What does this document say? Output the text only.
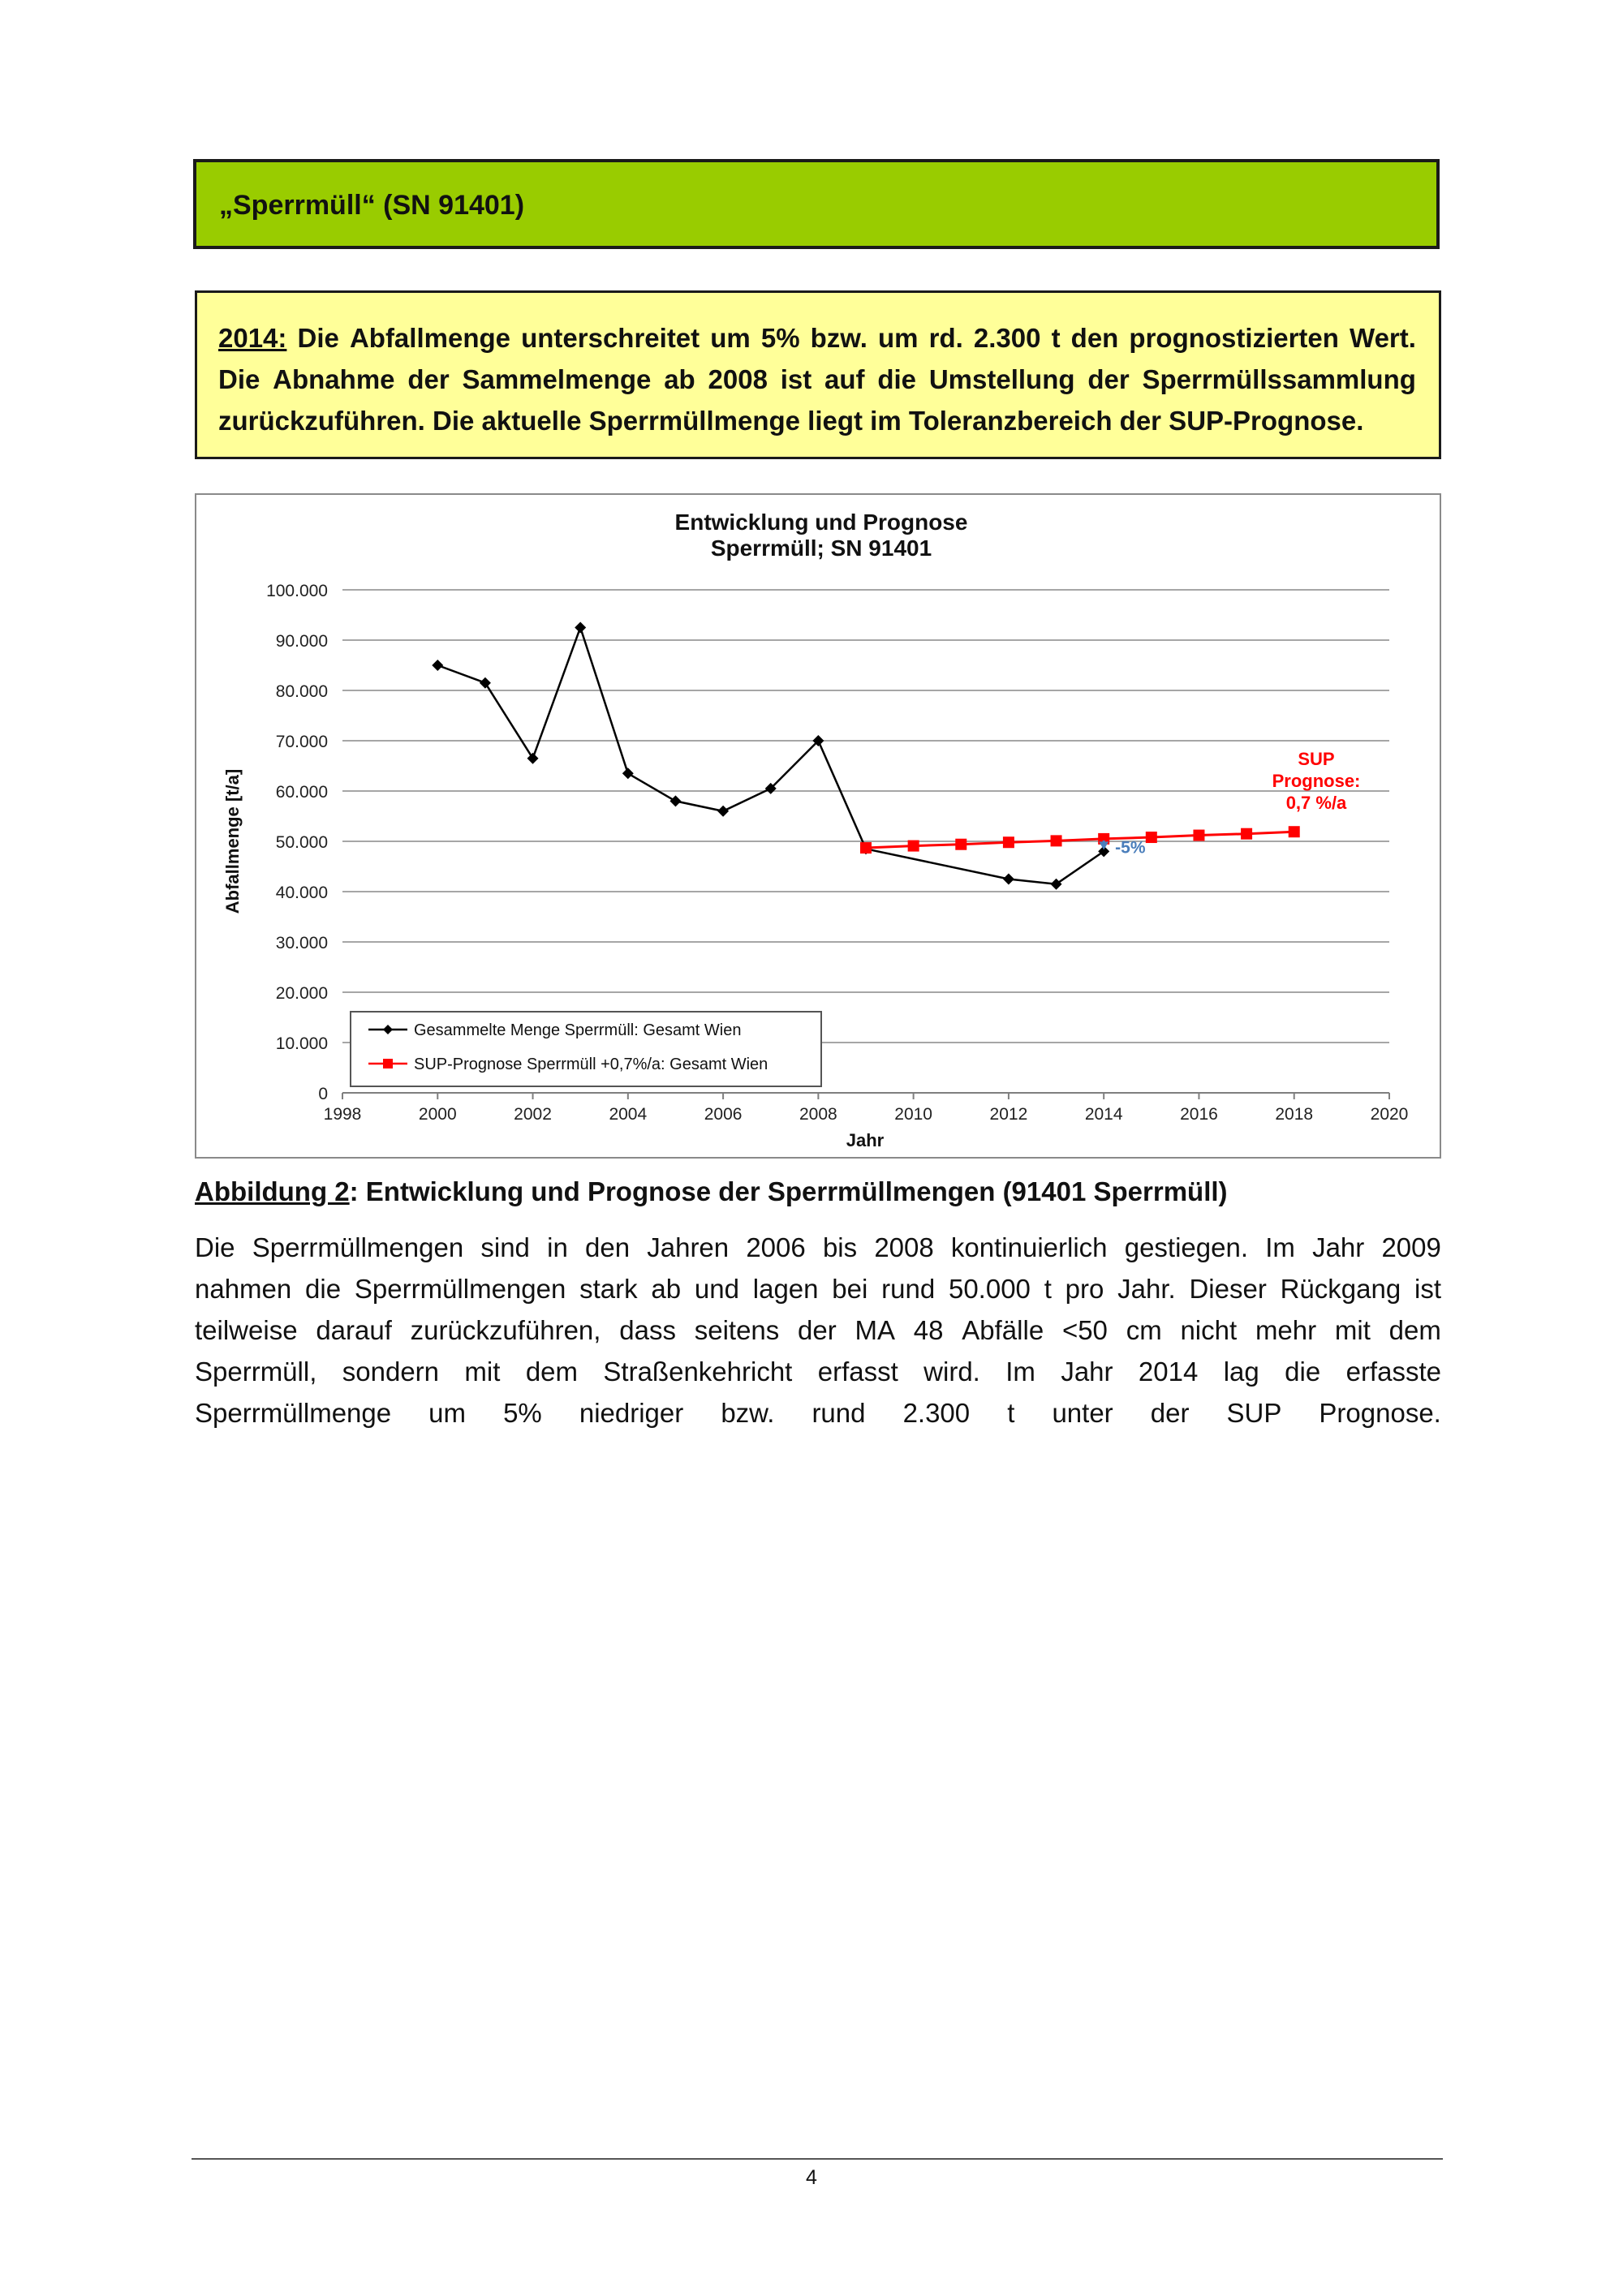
„Sperrmüll“ (SN 91401)
2014: Die Abfallmenge unterschreitet um 5% bzw. um rd. 2.300 t den prognostizierten Wert.
Die Abnahme der Sammelmenge ab 2008 ist auf die Umstellung der Sperrmüllssammlung
zurückzuführen. Die aktuelle Sperrmüllmenge liegt im Toleranzbereich der SUP-Prognose.
0
10.000
20.000
30.000
40.000
50.000
60.000
70.000
80.000
90.000
100.000
1998	2000	2002	2004	2006	2008	2010	2012	2014	2016	2018	2020
Entwicklung und Prognose
Sperrmüll; SN 91401
Jahr
Abfallmenge [t/a]
SUP
Prognose:
0,7 %/a
-5%
Gesammelte Menge Sperrmüll: Gesamt Wien
SUP-Prognose Sperrmüll +0,7%/a: Gesamt Wien
Abbildung 2: Entwicklung und Prognose der Sperrmüllmengen (91401 Sperrmüll)
Die Sperrmüllmengen sind in den Jahren 2006 bis 2008 kontinuierlich gestiegen. Im Jahr 2009
nahmen die Sperrmüllmengen stark ab und lagen bei rund 50.000 t pro Jahr. Dieser Rückgang ist
teilweise darauf zurückzuführen, dass seitens der MA 48 Abfälle <50 cm nicht mehr mit dem
Sperrmüll, sondern mit dem Straßenkehricht erfasst wird. Im Jahr 2014 lag die erfasste
Sperrmüllmenge um 5% niedriger bzw. rund 2.300 t unter der SUP Prognose.
4
